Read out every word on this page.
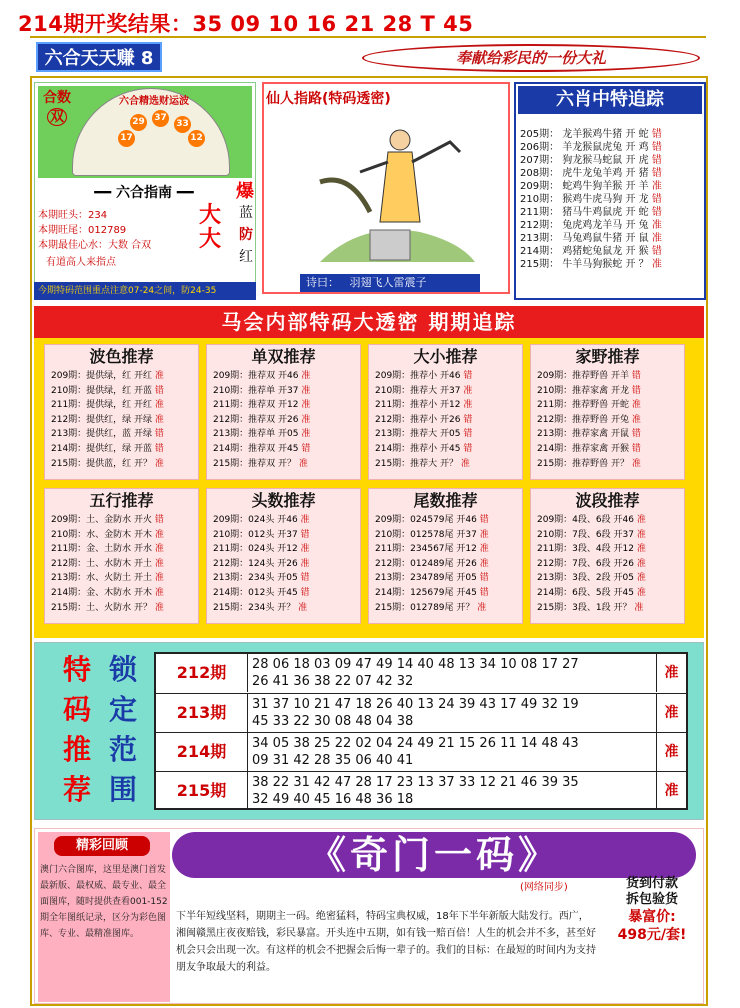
214期开奖结果：35 09 10 16 21 28 T 45
六合天天赚 8	奉献给彩民的一份大礼
合数
双
六合精选财运波
17
29 37
33
12
━━ 六合指南 ━━
本期旺头：234
本期旺尾：012789
本期最佳心水：大数 合双
有道高人来指点
大大
爆
蓝
防
红
今期特码范围重点注意07-24之间，防24-35
仙人指路(特码透密)
诗曰： 羽翅飞人雷震子
六肖中特追踪
205期： 龙羊猴鸡牛猪 开 蛇 错
206期： 羊龙猴鼠虎兔 开 鸡 错
207期： 狗龙猴马蛇鼠 开 虎 错
208期： 虎牛龙兔羊鸡 开 猪 错
209期： 蛇鸡牛狗羊猴 开 羊 准
210期： 猴鸡牛虎马狗 开 龙 错
211期： 猪马牛鸡鼠虎 开 蛇 错
212期： 兔虎鸡龙羊马 开 兔 准
213期： 马兔鸡鼠牛猪 开 鼠 准
214期： 鸡猪蛇兔鼠龙 开 猴 错
215期： 牛羊马狗猴蛇 开 ？ 准
马会内部特码大透密 期期追踪
波色推荐
209期：提供绿，红 开红 准
210期：提供绿，红 开蓝 错
211期：提供绿，红 开红 准
212期：提供红，绿 开绿 准
213期：提供红，蓝 开绿 错
214期：提供红，绿 开蓝 错
215期：提供蓝，红 开？ 准
单双推荐
209期：推荐双 开46 准
210期：推荐单 开37 准
211期：推荐双 开12 准
212期：推荐双 开26 准
213期：推荐单 开05 准
214期：推荐双 开45 错
215期：推荐双 开？ 准
大小推荐
209期：推荐小 开46 错
210期：推荐大 开37 准
211期：推荐小 开12 准
212期：推荐小 开26 错
213期：推荐大 开05 错
214期：推荐小 开45 错
215期：推荐大 开？ 准
家野推荐
209期：推荐野兽 开羊 错
210期：推荐家禽 开龙 错
211期：推荐野兽 开蛇 准
212期：推荐野兽 开兔 准
213期：推荐家禽 开鼠 错
214期：推荐家禽 开猴 错
215期：推荐野兽 开？ 准
五行推荐
209期：土、金防水 开火 错
210期：水、金防木 开木 准
211期：金、土防水 开水 准
212期：土、水防木 开土 准
213期：水、火防土 开土 准
214期：金、木防水 开木 准
215期：土、火防水 开？ 准
头数推荐
209期：024头 开46 准
210期：012头 开37 错
211期：024头 开12 准
212期：124头 开26 准
213期：234头 开05 错
214期：012头 开45 错
215期：234头 开？ 准
尾数推荐
209期：024579尾 开46 错
210期：012578尾 开37 准
211期：234567尾 开12 准
212期：012489尾 开26 准
213期：234789尾 开05 错
214期：125679尾 开45 错
215期：012789尾 开？ 准
波段推荐
209期：4段、6段 开46 准
210期：7段、6段 开37 准
211期：3段、4段 开12 准
212期：7段、6段 开26 准
213期：3段、2段 开05 准
214期：6段、5段 开45 准
215期：3段、1段 开？ 准
特 锁
码 定
推 范
荐 围
212期	28 06 18 03 09 47 49 14 40 48 13 34 10 08 17 27
26 41 36 38 22 07 42 32
准
213期	31 37 10 21 47 18 26 40 13 24 39 43 17 49 32 19
45 33 22 30 08 48 04 38
准
214期	34 05 38 25 22 02 04 24 49 21 15 26 11 14 48 43
09 31 42 28 35 06 40 41
准
215期	38 22 31 42 47 28 17 23 13 37 33 12 21 46 39 35
32 49 40 45 16 48 36 18
准
精彩回顾
澳门六合图库，这里是澳门首发最新版、最权威、最专业、最全面图库，随时提供查看001-152期全年图纸记录，区分为彩色图库、专业、最精准图库。
《奇门一码》
(网络同步)
下半年短线坚料，期期主一码。绝密猛料，特码宝典权威，18年下半年新版大陆发行。西广，湘闽赣黑庄夜夜赔钱，彩民暴富。开头连中五期，如有钱一赔百倍！人生的机会并不多，甚至好机会只会出现一次。有这样的机会不把握会后悔一辈子的。我们的目标：在最短的时间内为支持朋友争取最大的利益。
货到付款
拆包验货
暴富价:
498元/套!
